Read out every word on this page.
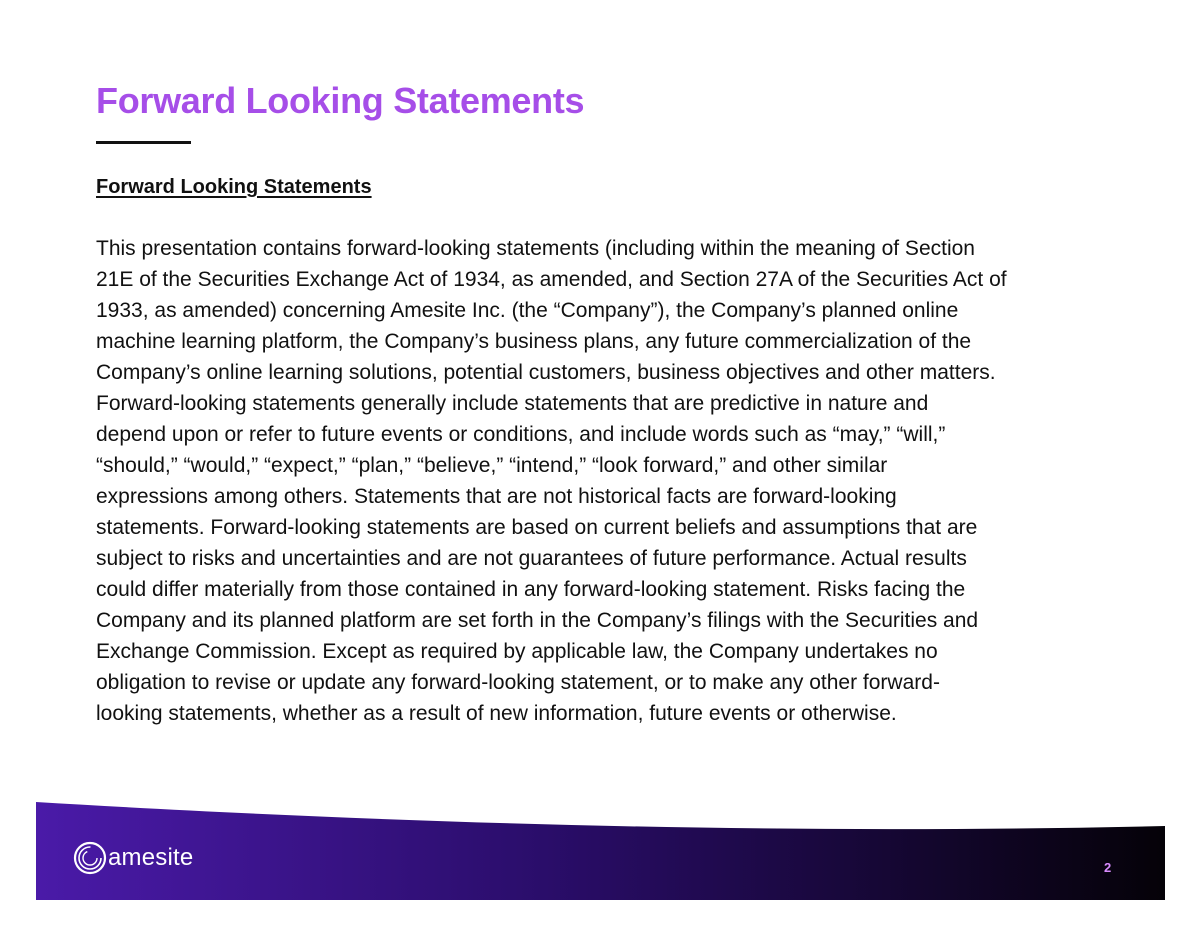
Forward Looking Statements
Forward Looking Statements

This presentation contains forward-looking statements (including within the meaning of Section
21E of the Securities Exchange Act of 1934, as amended, and Section 27A of the Securities Act of
1933, as amended) concerning Amesite Inc. (the “Company”), the Company’s planned online
machine learning platform, the Company’s business plans, any future commercialization of the
Company’s online learning solutions, potential customers, business objectives and other matters.
Forward-looking statements generally include statements that are predictive in nature and
depend upon or refer to future events or conditions, and include words such as “may,” “will,”
“should,” “would,” “expect,” “plan,” “believe,” “intend,” “look forward,” and other similar
expressions among others. Statements that are not historical facts are forward-looking
statements. Forward-looking statements are based on current beliefs and assumptions that are
subject to risks and uncertainties and are not guarantees of future performance. Actual results
could differ materially from those contained in any forward-looking statement. Risks facing the
Company and its planned platform are set forth in the Company’s filings with the Securities and
Exchange Commission. Except as required by applicable law, the Company undertakes no
obligation to revise or update any forward-looking statement, or to make any other forward-
looking statements, whether as a result of new information, future events or otherwise.

amesite	2
